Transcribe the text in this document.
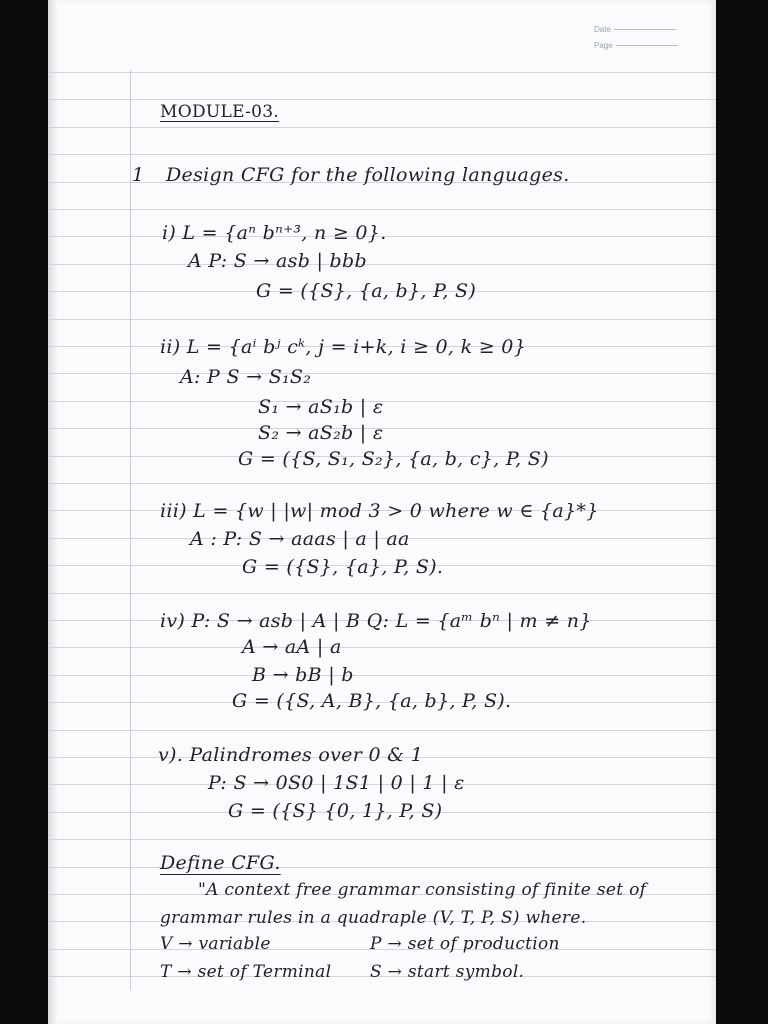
Date
Page
MODULE-03.
1 Design CFG for the following languages.
i) L = {aⁿ bⁿ⁺³, n ≥ 0}.
A P: S → asb | bbb
G = ({S}, {a, b}, P, S)
ii) L = {aⁱ bʲ cᵏ, j = i+k, i ≥ 0, k ≥ 0}
A: P S → S₁S₂
S₁ → aS₁b | ε
S₂ → aS₂b | ε
G = ({S, S₁, S₂}, {a, b, c}, P, S)
iii) L = {w | |w| mod 3 > 0 where w ∈ {a}*}
A : P: S → aaas | a | aa
G = ({S}, {a}, P, S).
iv) P: S → asb | A | B Q: L = {aᵐ bⁿ | m ≠ n}
A → aA | a
B → bB | b
G = ({S, A, B}, {a, b}, P, S).
v). Palindromes over 0 & 1
P: S → 0S0 | 1S1 | 0 | 1 | ε
G = ({S} {0, 1}, P, S)
Define CFG.
"A context free grammar consisting of finite set of
grammar rules in a quadraple (V, T, P, S) where.
V → variable	P → set of production
T → set of Terminal S → start symbol.
